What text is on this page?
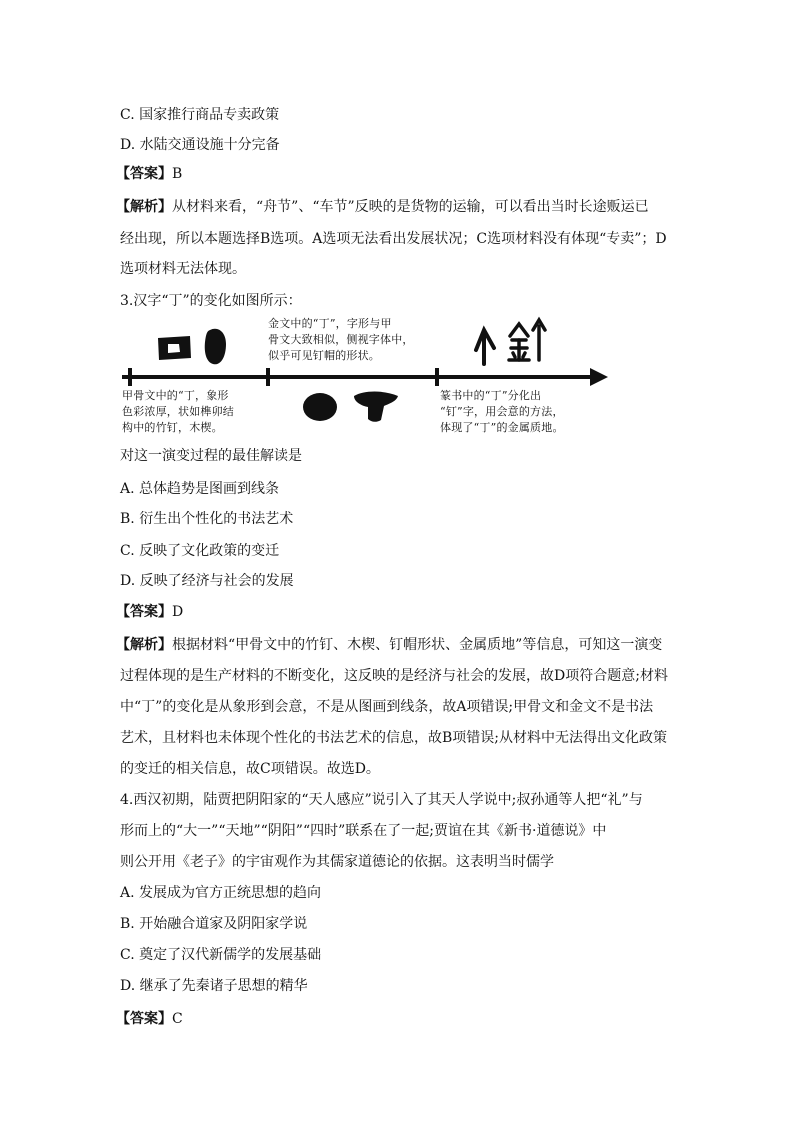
C. 国家推行商品专卖政策
D. 水陆交通设施十分完备
【答案】B
【解析】从材料来看，“舟节”、“车节”反映的是货物的运输，可以看出当时长途贩运已
经出现，所以本题选择B选项。A选项无法看出发展状况；C选项材料没有体现“专卖”；D
选项材料无法体现。
3.汉字“丁”的变化如图所示：
金文中的“丁”，字形与甲
骨文大致相似，侧视字体中，
似乎可见钉帽的形状。
甲骨文中的“丁，象形
色彩浓厚，状如榫卯结
构中的竹钉，木楔。
篆书中的“丁”分化出
“钉”字，用会意的方法，
体现了“丁”的金属质地。
对这一演变过程的最佳解读是
A. 总体趋势是图画到线条
B. 衍生出个性化的书法艺术
C. 反映了文化政策的变迁
D. 反映了经济与社会的发展
【答案】D
【解析】根据材料“甲骨文中的竹钉、木楔、钉帽形状、金属质地”等信息，可知这一演变
过程体现的是生产材料的不断变化，这反映的是经济与社会的发展，故D项符合题意;材料
中“丁”的变化是从象形到会意，不是从图画到线条，故A项错误;甲骨文和金文不是书法
艺术，且材料也未体现个性化的书法艺术的信息，故B项错误;从材料中无法得出文化政策
的变迁的相关信息，故C项错误。故选D。
4.西汉初期，陆贾把阴阳家的“天人感应”说引入了其天人学说中;叔孙通等人把“礼”与
形而上的“大一”“天地”“阴阳”“四时”联系在了一起;贾谊在其《新书·道德说》中
则公开用《老子》的宇宙观作为其儒家道德论的依据。这表明当时儒学
A. 发展成为官方正统思想的趋向
B. 开始融合道家及阴阳家学说
C. 奠定了汉代新儒学的发展基础
D. 继承了先秦诸子思想的精华
【答案】C
